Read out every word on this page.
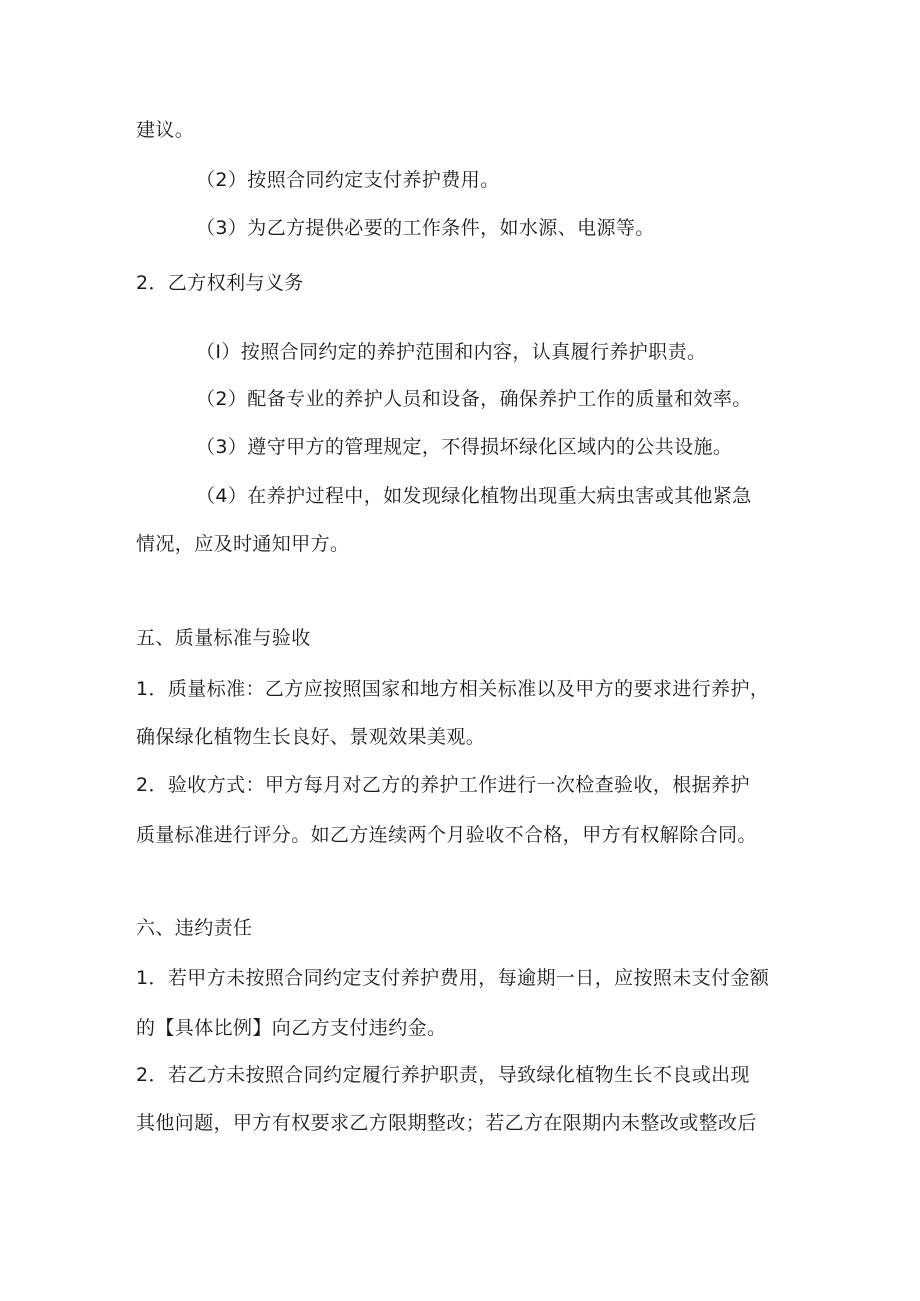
建议。
（2）按照合同约定支付养护费用。
（3）为乙方提供必要的工作条件，如水源、电源等。
2．乙方权利与义务
（I）按照合同约定的养护范围和内容，认真履行养护职责。
（2）配备专业的养护人员和设备，确保养护工作的质量和效率。
（3）遵守甲方的管理规定，不得损坏绿化区域内的公共设施。
（4）在养护过程中，如发现绿化植物出现重大病虫害或其他紧急
情况，应及时通知甲方。
五、质量标准与验收
1．质量标准：乙方应按照国家和地方相关标准以及甲方的要求进行养护，
确保绿化植物生长良好、景观效果美观。
2．验收方式：甲方每月对乙方的养护工作进行一次检查验收，根据养护
质量标准进行评分。如乙方连续两个月验收不合格，甲方有权解除合同。
六、违约责任
1．若甲方未按照合同约定支付养护费用，每逾期一日，应按照未支付金额
的【具体比例】向乙方支付违约金。
2．若乙方未按照合同约定履行养护职责，导致绿化植物生长不良或出现
其他问题，甲方有权要求乙方限期整改；若乙方在限期内未整改或整改后
